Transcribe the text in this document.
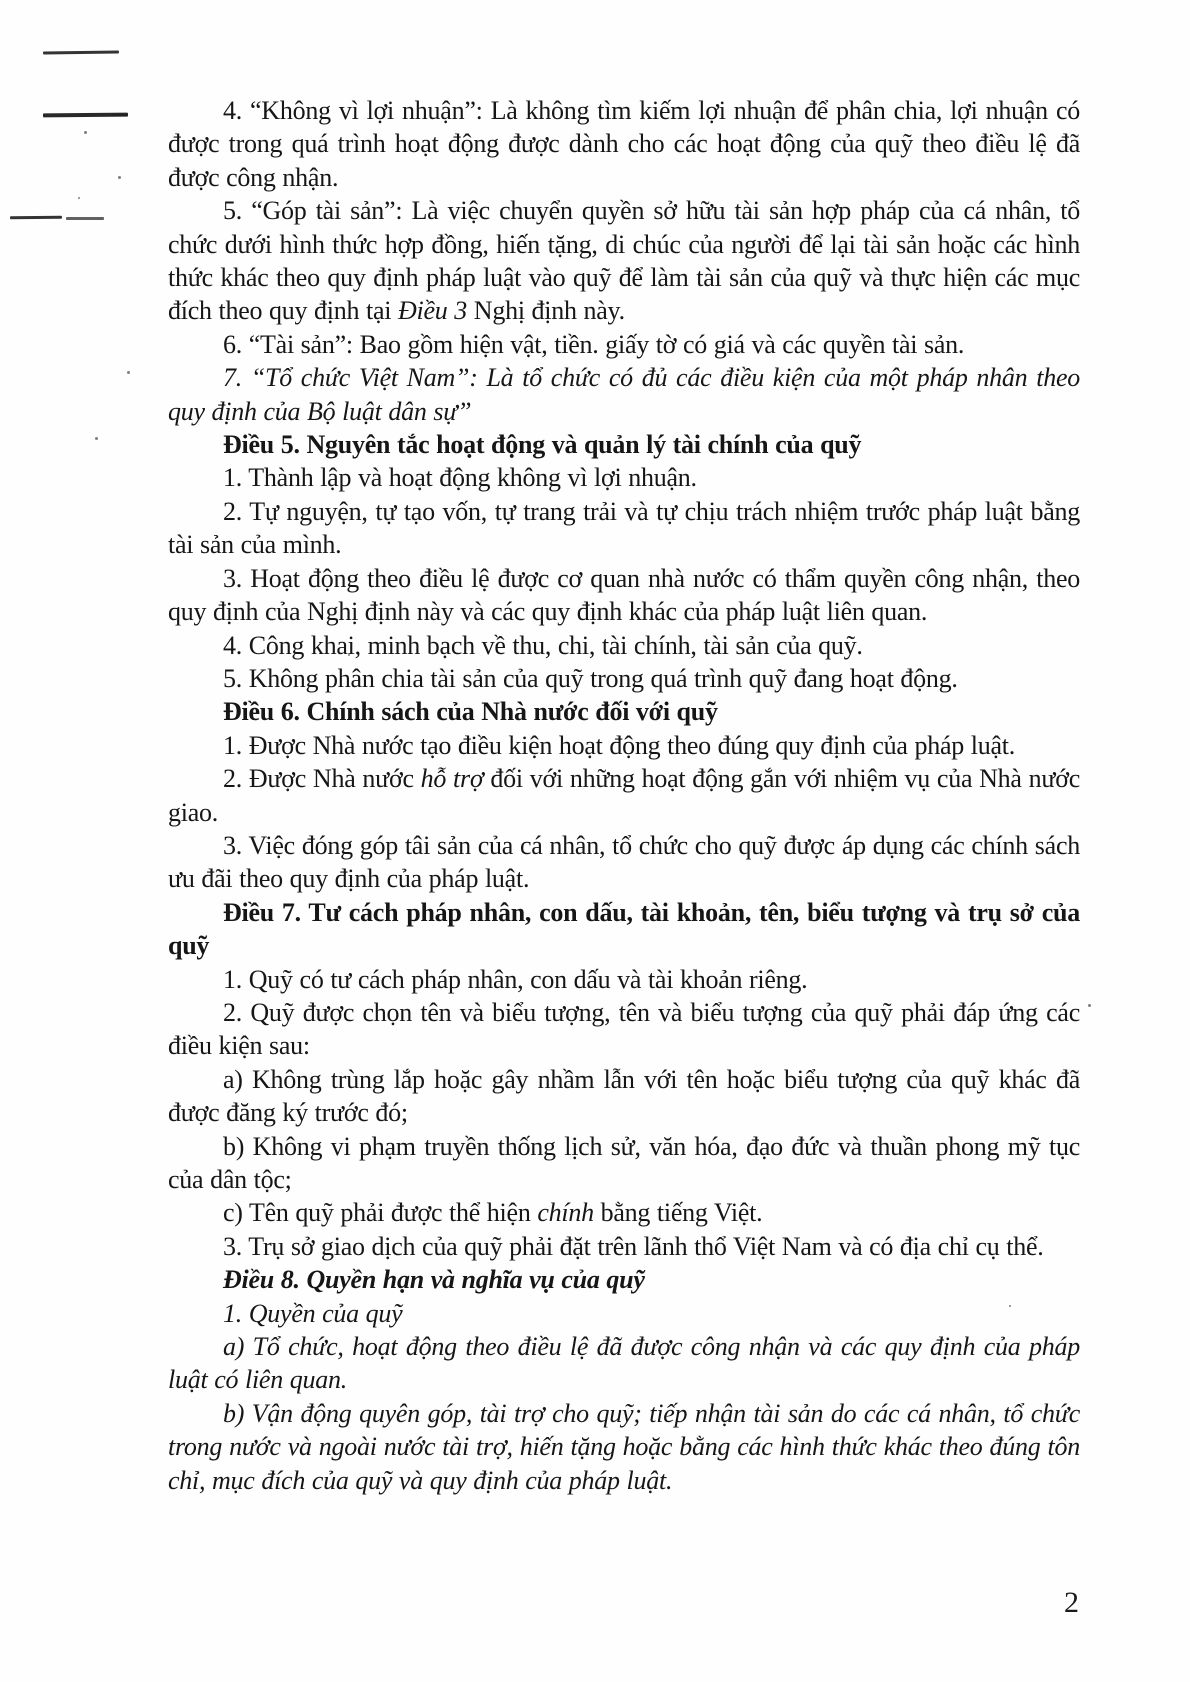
4. “Không vì lợi nhuận”: Là không tìm kiếm lợi nhuận để phân chia, lợi nhuận có được trong quá trình hoạt động được dành cho các hoạt động của quỹ theo điều lệ đã được công nhận.

5. “Góp tài sản”: Là việc chuyển quyền sở hữu tài sản hợp pháp của cá nhân, tổ chức dưới hình thức hợp đồng, hiến tặng, di chúc của người để lại tài sản hoặc các hình thức khác theo quy định pháp luật vào quỹ để làm tài sản của quỹ và thực hiện các mục đích theo quy định tại Điều 3 Nghị định này.

6. “Tài sản”: Bao gồm hiện vật, tiền. giấy tờ có giá và các quyền tài sản.

7. “Tổ chức Việt Nam”: Là tổ chức có đủ các điều kiện của một pháp nhân theo quy định của Bộ luật dân sự”

Điều 5. Nguyên tắc hoạt động và quản lý tài chính của quỹ

1. Thành lập và hoạt động không vì lợi nhuận.

2. Tự nguyện, tự tạo vốn, tự trang trải và tự chịu trách nhiệm trước pháp luật bằng tài sản của mình.

3. Hoạt động theo điều lệ được cơ quan nhà nước có thẩm quyền công nhận, theo quy định của Nghị định này và các quy định khác của pháp luật liên quan.

4. Công khai, minh bạch về thu, chi, tài chính, tài sản của quỹ.

5. Không phân chia tài sản của quỹ trong quá trình quỹ đang hoạt động.

Điều 6. Chính sách của Nhà nước đối với quỹ

1. Được Nhà nước tạo điều kiện hoạt động theo đúng quy định của pháp luật.

2. Được Nhà nước hỗ trợ đối với những hoạt động gắn với nhiệm vụ của Nhà nước giao.

3. Việc đóng góp tâi sản của cá nhân, tổ chức cho quỹ được áp dụng các chính sách ưu đãi theo quy định của pháp luật.

Điều 7. Tư cách pháp nhân, con dấu, tài khoản, tên, biểu tượng và trụ sở của quỹ

1. Quỹ có tư cách pháp nhân, con dấu và tài khoản riêng.

2. Quỹ được chọn tên và biểu tượng, tên và biểu tượng của quỹ phải đáp ứng các điều kiện sau:

a) Không trùng lắp hoặc gây nhầm lẫn với tên hoặc biểu tượng của quỹ khác đã được đăng ký trước đó;

b) Không vi phạm truyền thống lịch sử, văn hóa, đạo đức và thuần phong mỹ tục của dân tộc;

c) Tên quỹ phải được thể hiện chính bằng tiếng Việt.

3. Trụ sở giao dịch của quỹ phải đặt trên lãnh thổ Việt Nam và có địa chỉ cụ thể.

Điều 8. Quyền hạn và nghĩa vụ của quỹ

1. Quyền của quỹ

a) Tổ chức, hoạt động theo điều lệ đã được công nhận và các quy định của pháp luật có liên quan.

b) Vận động quyên góp, tài trợ cho quỹ; tiếp nhận tài sản do các cá nhân, tổ chức trong nước và ngoài nước tài trợ, hiến tặng hoặc bằng các hình thức khác theo đúng tôn chỉ, mục đích của quỹ và quy định của pháp luật.

2
